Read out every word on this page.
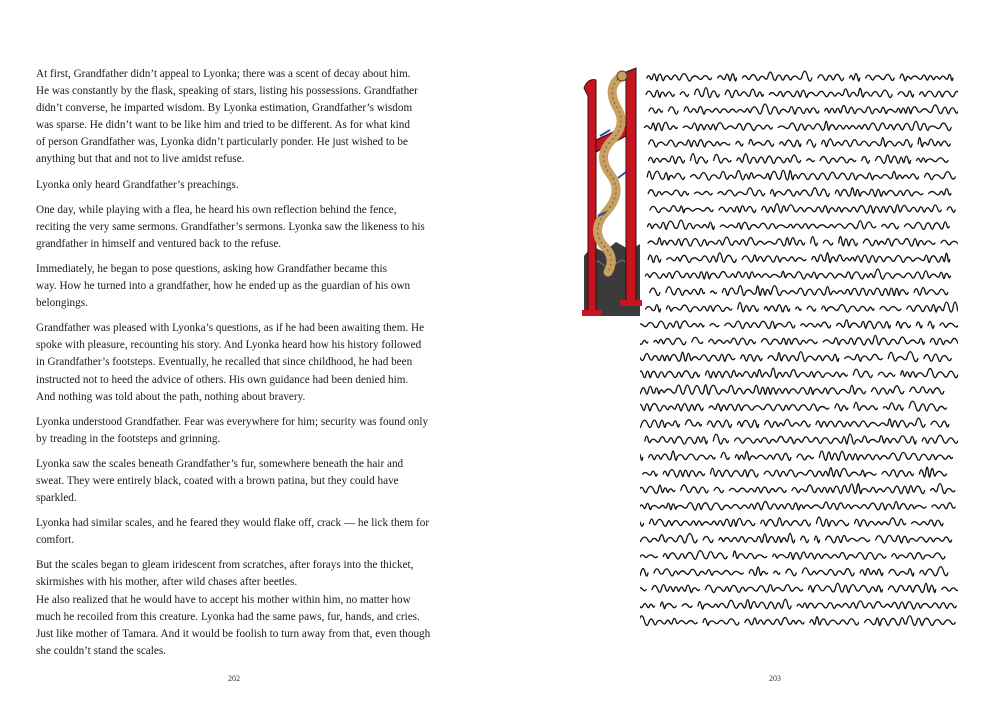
At first, Grandfather didn’t appeal to Lyonka; there was a scent of decay about him.
He was constantly by the flask, speaking of stars, listing his possessions. Grandfather
didn’t converse, he imparted wisdom. By Lyonka estimation, Grandfather’s wisdom
was sparse. He didn’t want to be like him and tried to be different. As for what kind
of person Grandfather was, Lyonka didn’t particularly ponder. He just wished to be
anything but that and not to live amidst refuse.

Lyonka only heard Grandfather’s preachings.

One day, while playing with a flea, he heard his own reflection behind the fence,
reciting the very same sermons. Grandfather’s sermons. Lyonka saw the likeness to his
grandfather in himself and ventured back to the refuse.

Immediately, he began to pose questions, asking how Grandfather became this
way. How he turned into a grandfather, how he ended up as the guardian of his own
belongings.

Grandfather was pleased with Lyonka’s questions, as if he had been awaiting them. He
spoke with pleasure, recounting his story. And Lyonka heard how his history followed
in Grandfather’s footsteps. Eventually, he recalled that since childhood, he had been
instructed not to heed the advice of others. His own guidance had been denied him.
And nothing was told about the path, nothing about bravery.

Lyonka understood Grandfather. Fear was everywhere for him; security was found only
by treading in the footsteps and grinning.

Lyonka saw the scales beneath Grandfather’s fur, somewhere beneath the hair and
sweat. They were entirely black, coated with a brown patina, but they could have
sparkled.

Lyonka had similar scales, and he feared they would flake off, crack — he lick them for
comfort.

But the scales began to gleam iridescent from scratches, after forays into the thicket,
skirmishes with his mother, after wild chases after beetles.
He also realized that he would have to accept his mother within him, no matter how
much he recoiled from this creature. Lyonka had the same paws, fur, hands, and cries.
Just like mother of Tamara. And it would be foolish to turn away from that, even though
she couldn’t stand the scales.

202	203
